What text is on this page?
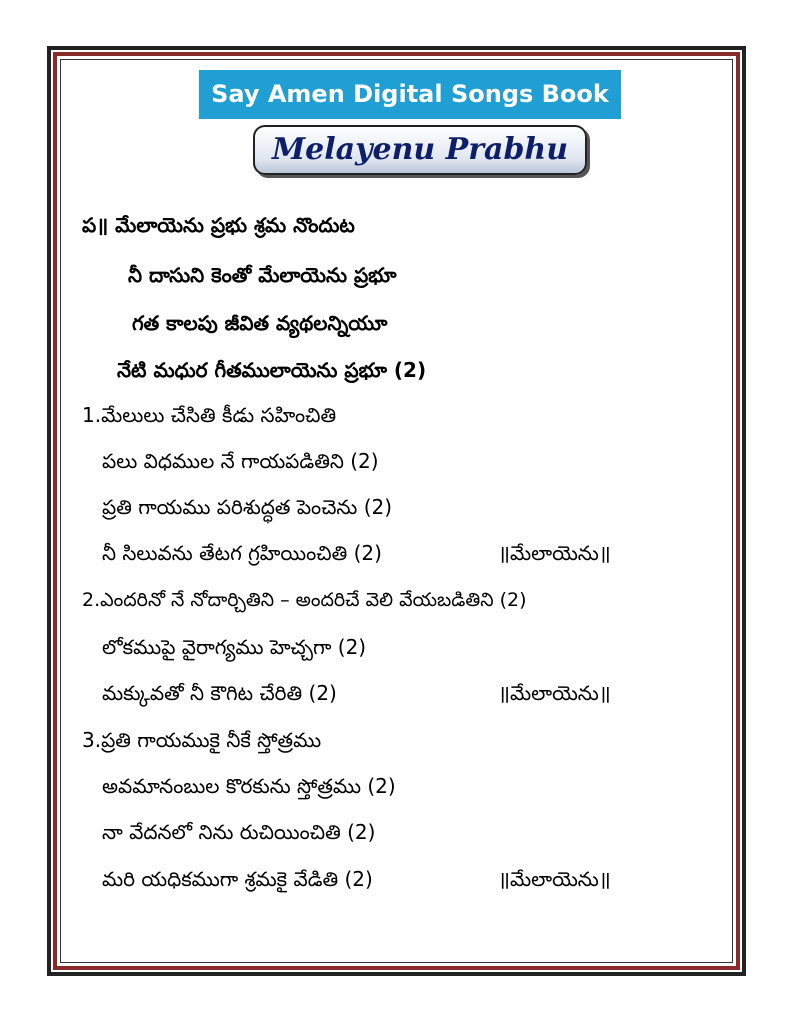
Say Amen Digital Songs Book
Melayenu Prabhu
ప॥ మేలాయెను ప్రభు శ్రమ నొందుట
నీ దాసుని కెంతో మేలాయెను ప్రభూ
గత కాలపు జీవిత వ్యథలన్నియూ
నేటి మధుర గీతములాయెను ప్రభూ (2)
1.మేలులు చేసితి కీడు సహించితి
పలు విధముల నే గాయపడితిని (2)
ప్రతి గాయము పరిశుద్ధత పెంచెను (2)
నీ సిలువను తేటగ గ్రహియించితి (2)	॥మేలాయెను॥
2.ఎందరినో నే నోదార్చితిని – అందరిచే వెలి వేయబడితిని (2)
లోకముపై వైరాగ్యము హెచ్చగా (2)
మక్కువతో నీ కౌగిట చేరితి (2)	॥మేలాయెను॥
3.ప్రతి గాయముకై నీకే స్తోత్రము
అవమానంబుల కొరకును స్తోత్రము (2)
నా వేదనలో నిను రుచియించితి (2)
మరి యధికముగా శ్రమకై వేడితి (2)	॥మేలాయెను॥
